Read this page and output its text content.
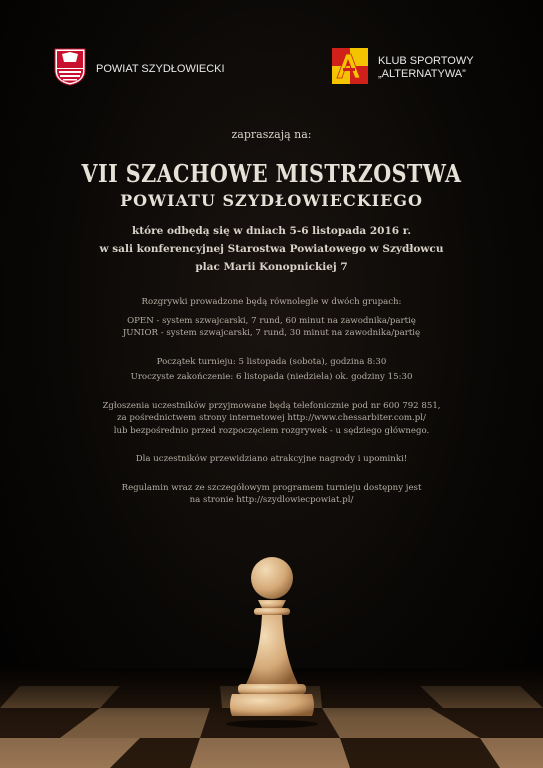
POWIAT SZYDŁOWIECKI
KLUB SPORTOWY
„ALTERNATYWA”

zapraszają na:

VII SZACHOWE MISTRZOSTWA
POWIATU SZYDŁOWIECKIEGO
które odbędą się w dniach 5-6 listopada 2016 r.
w sali konferencyjnej Starostwa Powiatowego w Szydłowcu
plac Marii Konopnickiej 7
Rozgrywki prowadzone będą równolegle w dwóch grupach:
OPEN - system szwajcarski, 7 rund, 60 minut na zawodnika/partię
JUNIOR - system szwajcarski, 7 rund, 30 minut na zawodnika/partię
Początek turnieju: 5 listopada (sobota), godzina 8:30
Uroczyste zakończenie: 6 listopada (niedziela) ok. godziny 15:30
Zgłoszenia uczestników przyjmowane będą telefonicznie pod nr 600 792 851,
za pośrednictwem strony internetowej http://www.chessarbiter.com.pl/
lub bezpośrednio przed rozpoczęciem rozgrywek - u sędziego głównego.
Dla uczestników przewidziano atrakcyjne nagrody i upominki!
Regulamin wraz ze szczegółowym programem turnieju dostępny jest
na stronie http://szydlowiecpowiat.pl/
